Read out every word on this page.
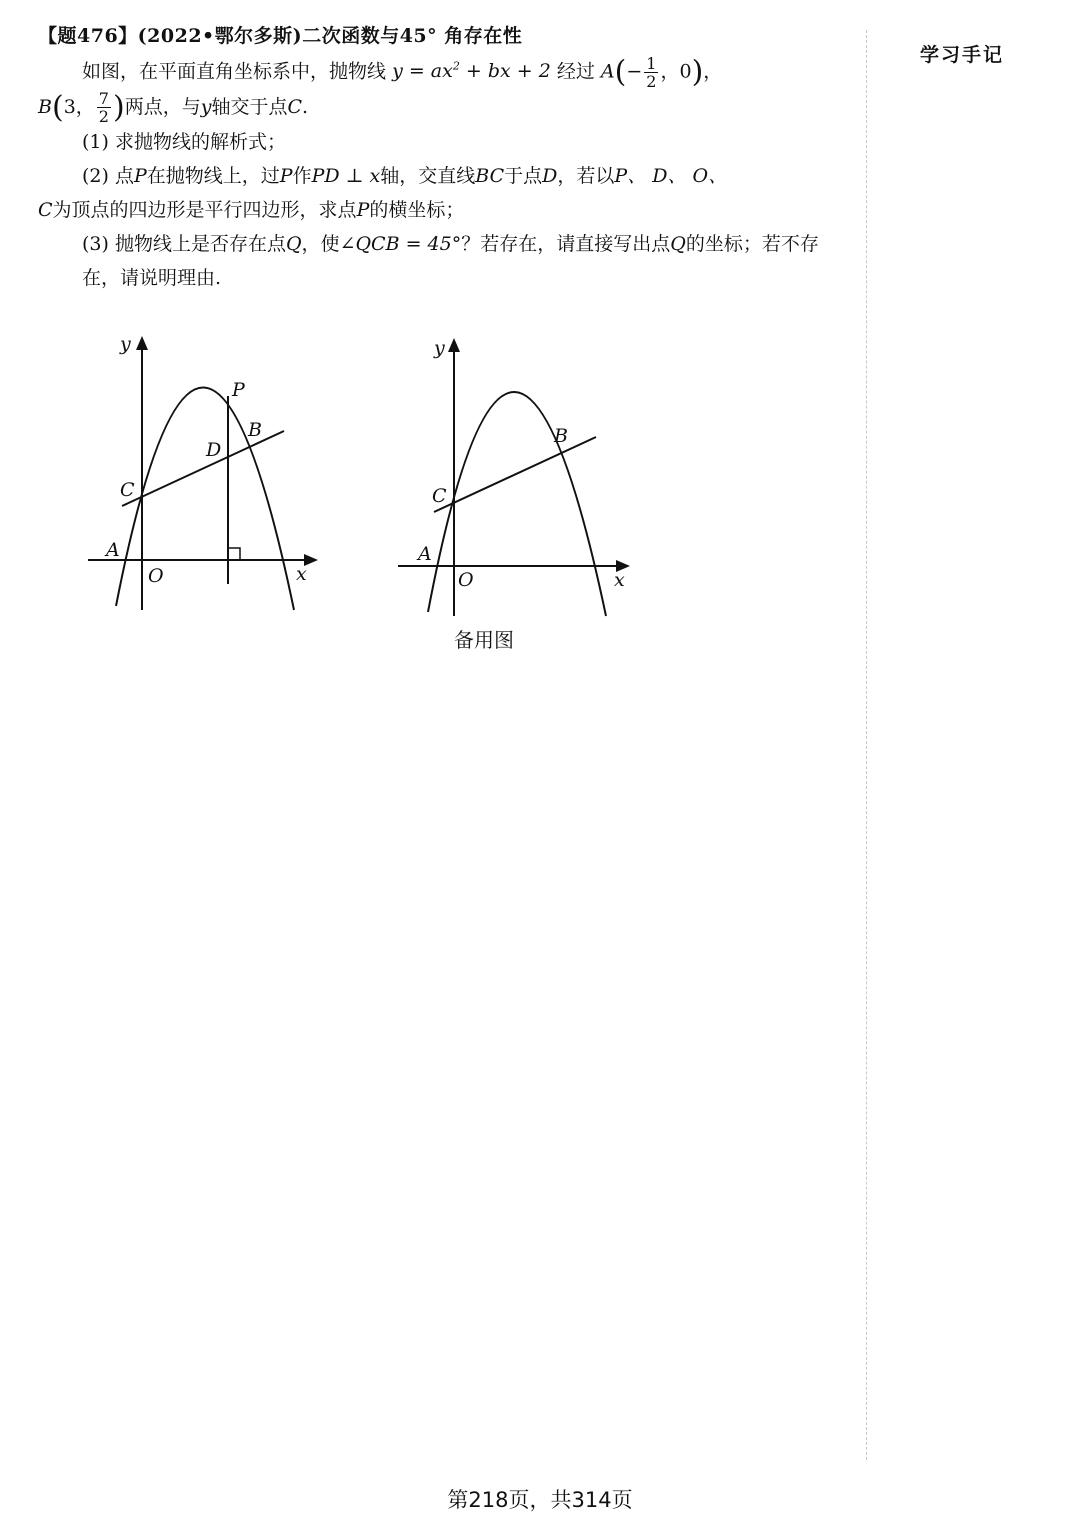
学习手记
【题476】(2022•鄂尔多斯)二次函数与45° 角存在性
如图，在平面直角坐标系中，抛物线 $y = ax^2$ + bx + 2 经过 $A(- \frac{1}{2}$ ，0)，
B(3， $\frac{7}{2}$ )两点，与y轴交于点C.
(1) 求抛物线的解析式；
(2) 点P在抛物线上，过P作PD ⊥ x轴，交直线BC于点D，若以P、 D、 O、
C为顶点的四边形是平行四边形，求点P的横坐标；
(3) 抛物线上是否存在点Q，使∠QCB = 45°？若存在，请直接写出点Q的坐标；若不存在，请说明理由.
y
x
O
A
C
P
D
B
y
x
O
A
C
B
备用图
第218页，共314页
